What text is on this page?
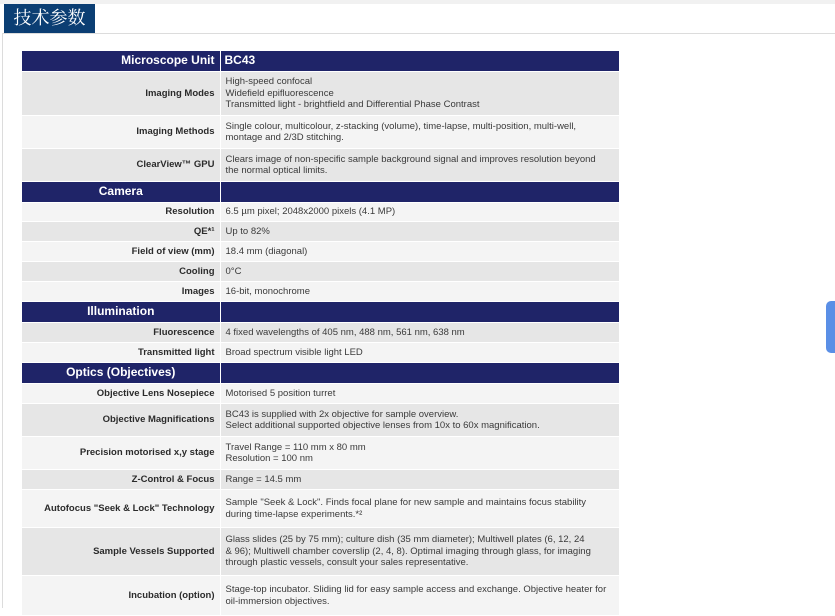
技术参数
Microscope Unit	BC43
Imaging Modes	High-speed confocal
Widefield epifluorescence
Transmitted light - brightfield and Differential Phase Contrast

Imaging Methods	Single colour, multicolour, z-stacking (volume), time-lapse, multi-position, multi-well,
montage and 2/3D stitching.

ClearView™ GPU	Clears image of non-specific sample background signal and improves resolution beyond
the normal optical limits.

Camera	
Resolution	6.5 µm pixel; 2048x2000 pixels (4.1 MP)
QE*¹	Up to 82%
Field of view (mm)	18.4 mm (diagonal)
Cooling	0°C
Images	16-bit, monochrome
Illumination	
Fluorescence	4 fixed wavelengths of 405 nm, 488 nm, 561 nm, 638 nm
Transmitted light	Broad spectrum visible light LED
Optics (Objectives)	
Objective Lens Nosepiece	Motorised 5 position turret
Objective Magnifications	BC43 is supplied with 2x objective for sample overview.
Select additional supported objective lenses from 10x to 60x magnification.

Precision motorised x,y stage	Travel Range = 110 mm x 80 mm
Resolution = 100 nm

Z-Control & Focus	Range = 14.5 mm
Autofocus "Seek & Lock" Technology	Sample "Seek & Lock". Finds focal plane for new sample and maintains focus stability
during time-lapse experiments.*²

Sample Vessels Supported	Glass slides (25 by 75 mm); culture dish (35 mm diameter); Multiwell plates (6, 12, 24
& 96); Multiwell chamber coverslip (2, 4, 8). Optimal imaging through glass, for imaging
through plastic vessels, consult your sales representative.

Incubation (option)	Stage-top incubator. Sliding lid for easy sample access and exchange. Objective heater for
oil-immersion objectives.
